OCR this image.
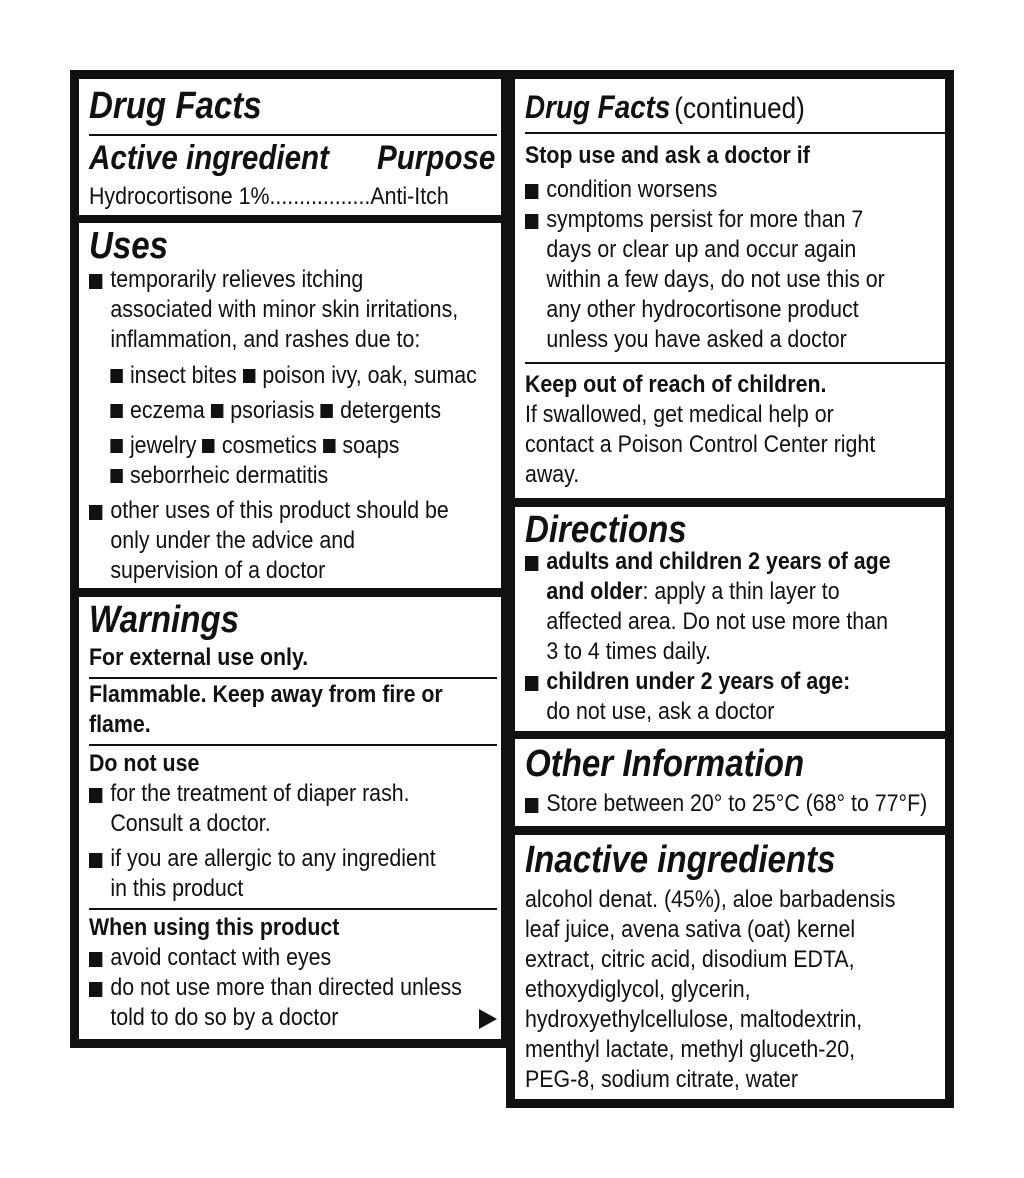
Drug Facts
Active ingredient Purpose
Hydrocortisone 1%.................Anti-Itch
Uses
temporarily relieves itching
associated with minor skin irritations,
inflammation, and rashes due to:
insect bites poison ivy, oak, sumac
eczema psoriasis detergents
jewelry cosmetics soaps
seborrheic dermatitis
other uses of this product should be
only under the advice and
supervision of a doctor
Warnings
For external use only.
Flammable. Keep away from fire or
flame.
Do not use
for the treatment of diaper rash.
Consult a doctor.
if you are allergic to any ingredient
in this product
When using this product
avoid contact with eyes
do not use more than directed unless
told to do so by a doctor
Drug Facts (continued)
Stop use and ask a doctor if
condition worsens
symptoms persist for more than 7
days or clear up and occur again
within a few days, do not use this or
any other hydrocortisone product
unless you have asked a doctor
Keep out of reach of children.
If swallowed, get medical help or
contact a Poison Control Center right
away.
Directions
adults and children 2 years of age
and older: apply a thin layer to
affected area. Do not use more than
3 to 4 times daily.
children under 2 years of age:
do not use, ask a doctor
Other Information
Store between 20° to 25°C (68° to 77°F)
Inactive ingredients
alcohol denat. (45%), aloe barbadensis
leaf juice, avena sativa (oat) kernel
extract, citric acid, disodium EDTA,
ethoxydiglycol, glycerin,
hydroxyethylcellulose, maltodextrin,
menthyl lactate, methyl gluceth-20,
PEG-8, sodium citrate, water
